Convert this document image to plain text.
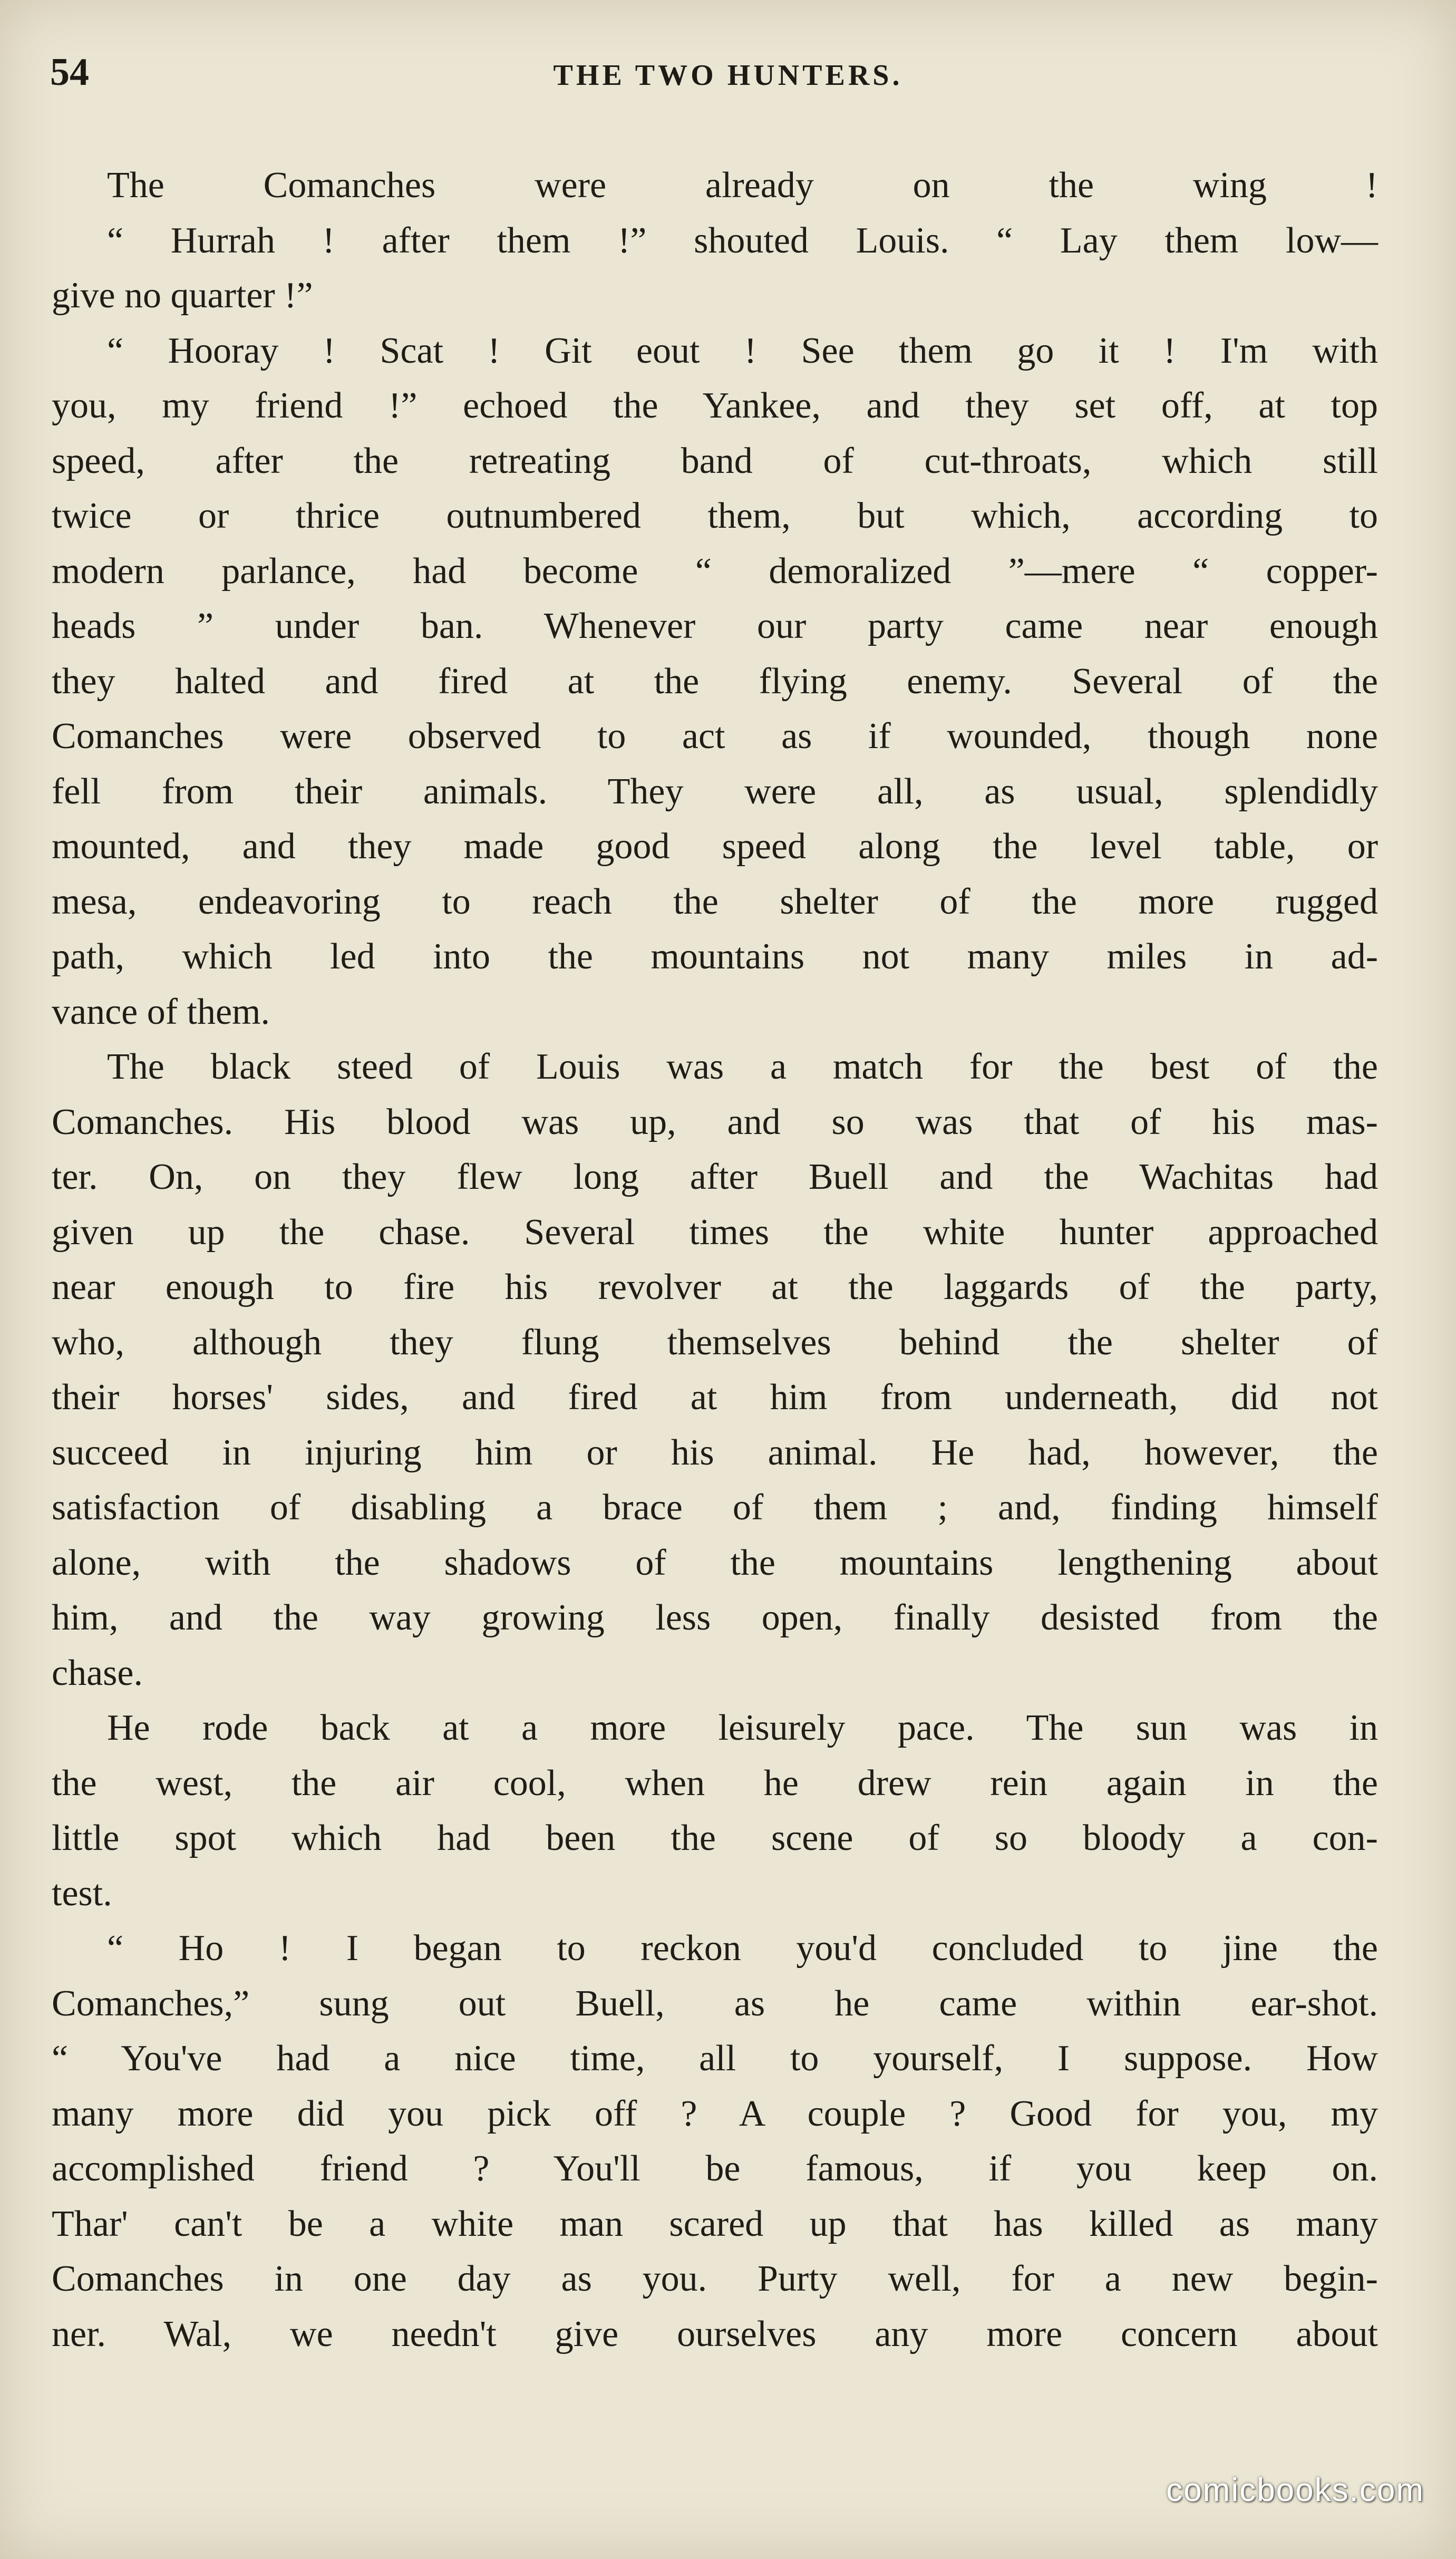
54	THE TWO HUNTERS.
The Comanches were already on the wing !
“ Hurrah ! after them !” shouted Louis. “ Lay them low—
give no quarter !”
“ Hooray ! Scat ! Git eout ! See them go it ! I'm with
you, my friend !” echoed the Yankee, and they set off, at top
speed, after the retreating band of cut-throats, which still
twice or thrice outnumbered them, but which, according to
modern parlance, had become “ demoralized ”—mere “ copper-
heads ” under ban. Whenever our party came near enough
they halted and fired at the flying enemy. Several of the
Comanches were observed to act as if wounded, though none
fell from their animals. They were all, as usual, splendidly
mounted, and they made good speed along the level table, or
mesa, endeavoring to reach the shelter of the more rugged
path, which led into the mountains not many miles in ad-
vance of them.
The black steed of Louis was a match for the best of the
Comanches. His blood was up, and so was that of his mas-
ter. On, on they flew long after Buell and the Wachitas had
given up the chase. Several times the white hunter approached
near enough to fire his revolver at the laggards of the party,
who, although they flung themselves behind the shelter of
their horses' sides, and fired at him from underneath, did not
succeed in injuring him or his animal. He had, however, the
satisfaction of disabling a brace of them ; and, finding himself
alone, with the shadows of the mountains lengthening about
him, and the way growing less open, finally desisted from the
chase.
He rode back at a more leisurely pace. The sun was in
the west, the air cool, when he drew rein again in the
little spot which had been the scene of so bloody a con-
test.
“ Ho ! I began to reckon you'd concluded to jine the
Comanches,” sung out Buell, as he came within ear-shot.
“ You've had a nice time, all to yourself, I suppose. How
many more did you pick off ? A couple ? Good for you, my
accomplished friend ? You'll be famous, if you keep on.
Thar' can't be a white man scared up that has killed as many
Comanches in one day as you. Purty well, for a new begin-
ner. Wal, we needn't give ourselves any more concern about
comicbooks.com
